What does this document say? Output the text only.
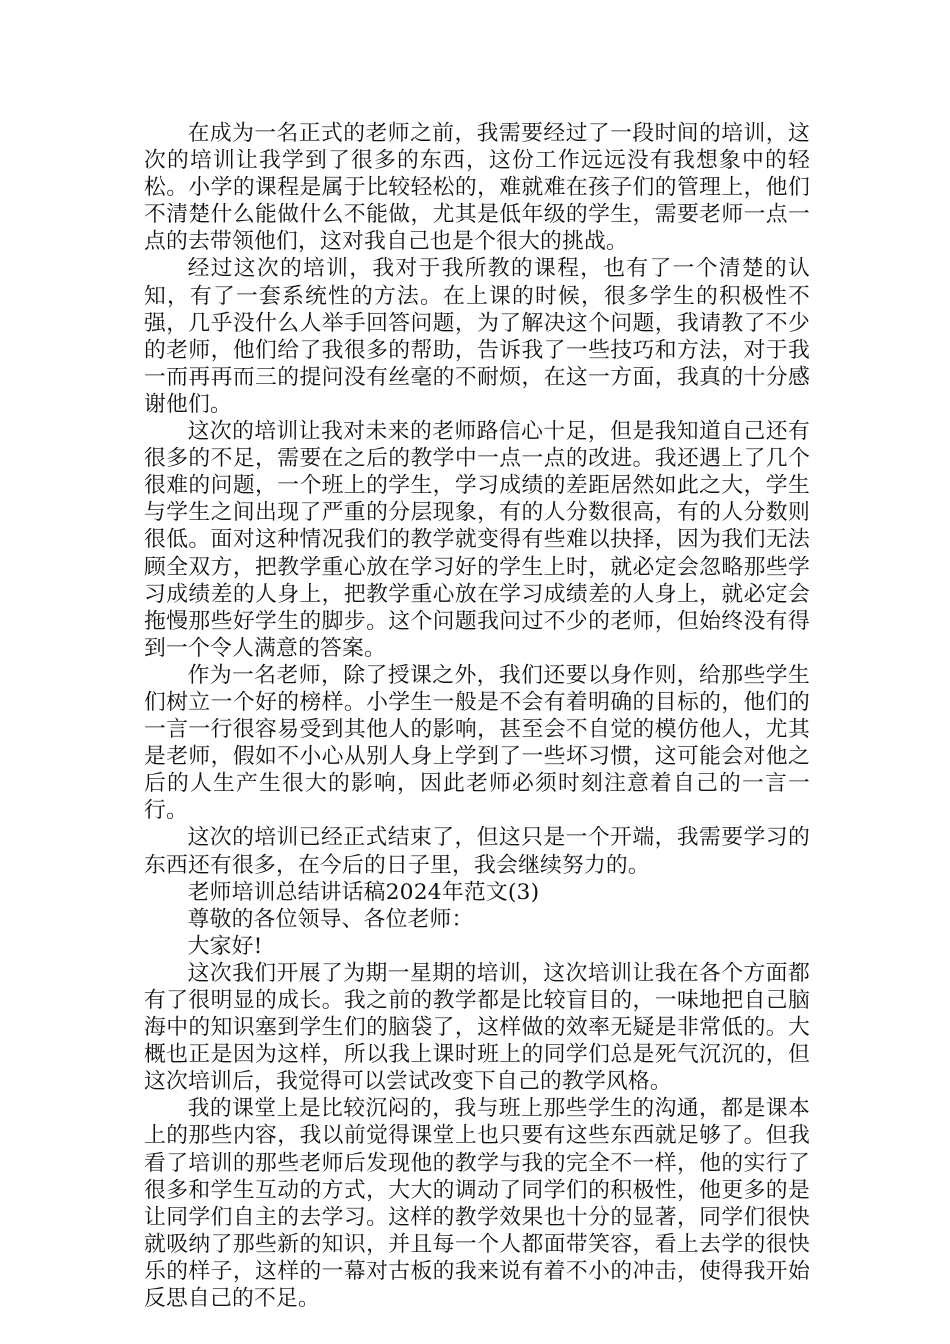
在成为一名正式的老师之前，我需要经过了一段时间的培训，这次的培训让我学到了很多的东西，这份工作远远没有我想象中的轻松。小学的课程是属于比较轻松的，难就难在孩子们的管理上，他们不清楚什么能做什么不能做，尤其是低年级的学生，需要老师一点一点的去带领他们，这对我自己也是个很大的挑战。

经过这次的培训，我对于我所教的课程，也有了一个清楚的认知，有了一套系统性的方法。在上课的时候，很多学生的积极性不强，几乎没什么人举手回答问题，为了解决这个问题，我请教了不少的老师，他们给了我很多的帮助，告诉我了一些技巧和方法，对于我一而再再而三的提问没有丝毫的不耐烦，在这一方面，我真的十分感谢他们。

这次的培训让我对未来的老师路信心十足，但是我知道自己还有很多的不足，需要在之后的教学中一点一点的改进。我还遇上了几个很难的问题，一个班上的学生，学习成绩的差距居然如此之大，学生与学生之间出现了严重的分层现象，有的人分数很高，有的人分数则很低。面对这种情况我们的教学就变得有些难以抉择，因为我们无法顾全双方，把教学重心放在学习好的学生上时，就必定会忽略那些学习成绩差的人身上，把教学重心放在学习成绩差的人身上，就必定会拖慢那些好学生的脚步。这个问题我问过不少的老师，但始终没有得到一个令人满意的答案。

作为一名老师，除了授课之外，我们还要以身作则，给那些学生们树立一个好的榜样。小学生一般是不会有着明确的目标的，他们的一言一行很容易受到其他人的影响，甚至会不自觉的模仿他人，尤其是老师，假如不小心从别人身上学到了一些坏习惯，这可能会对他之后的人生产生很大的影响，因此老师必须时刻注意着自己的一言一行。

这次的培训已经正式结束了，但这只是一个开端，我需要学习的东西还有很多，在今后的日子里，我会继续努力的。

老师培训总结讲话稿2024年范文(3)

尊敬的各位领导、各位老师：

大家好!

这次我们开展了为期一星期的培训，这次培训让我在各个方面都有了很明显的成长。我之前的教学都是比较盲目的，一味地把自己脑海中的知识塞到学生们的脑袋了，这样做的效率无疑是非常低的。大概也正是因为这样，所以我上课时班上的同学们总是死气沉沉的，但这次培训后，我觉得可以尝试改变下自己的教学风格。

我的课堂上是比较沉闷的，我与班上那些学生的沟通，都是课本上的那些内容，我以前觉得课堂上也只要有这些东西就足够了。但我看了培训的那些老师后发现他的教学与我的完全不一样，他的实行了很多和学生互动的方式，大大的调动了同学们的积极性，他更多的是让同学们自主的去学习。这样的教学效果也十分的显著，同学们很快就吸纳了那些新的知识，并且每一个人都面带笑容，看上去学的很快乐的样子，这样的一幕对古板的我来说有着不小的冲击，使得我开始反思自己的不足。
